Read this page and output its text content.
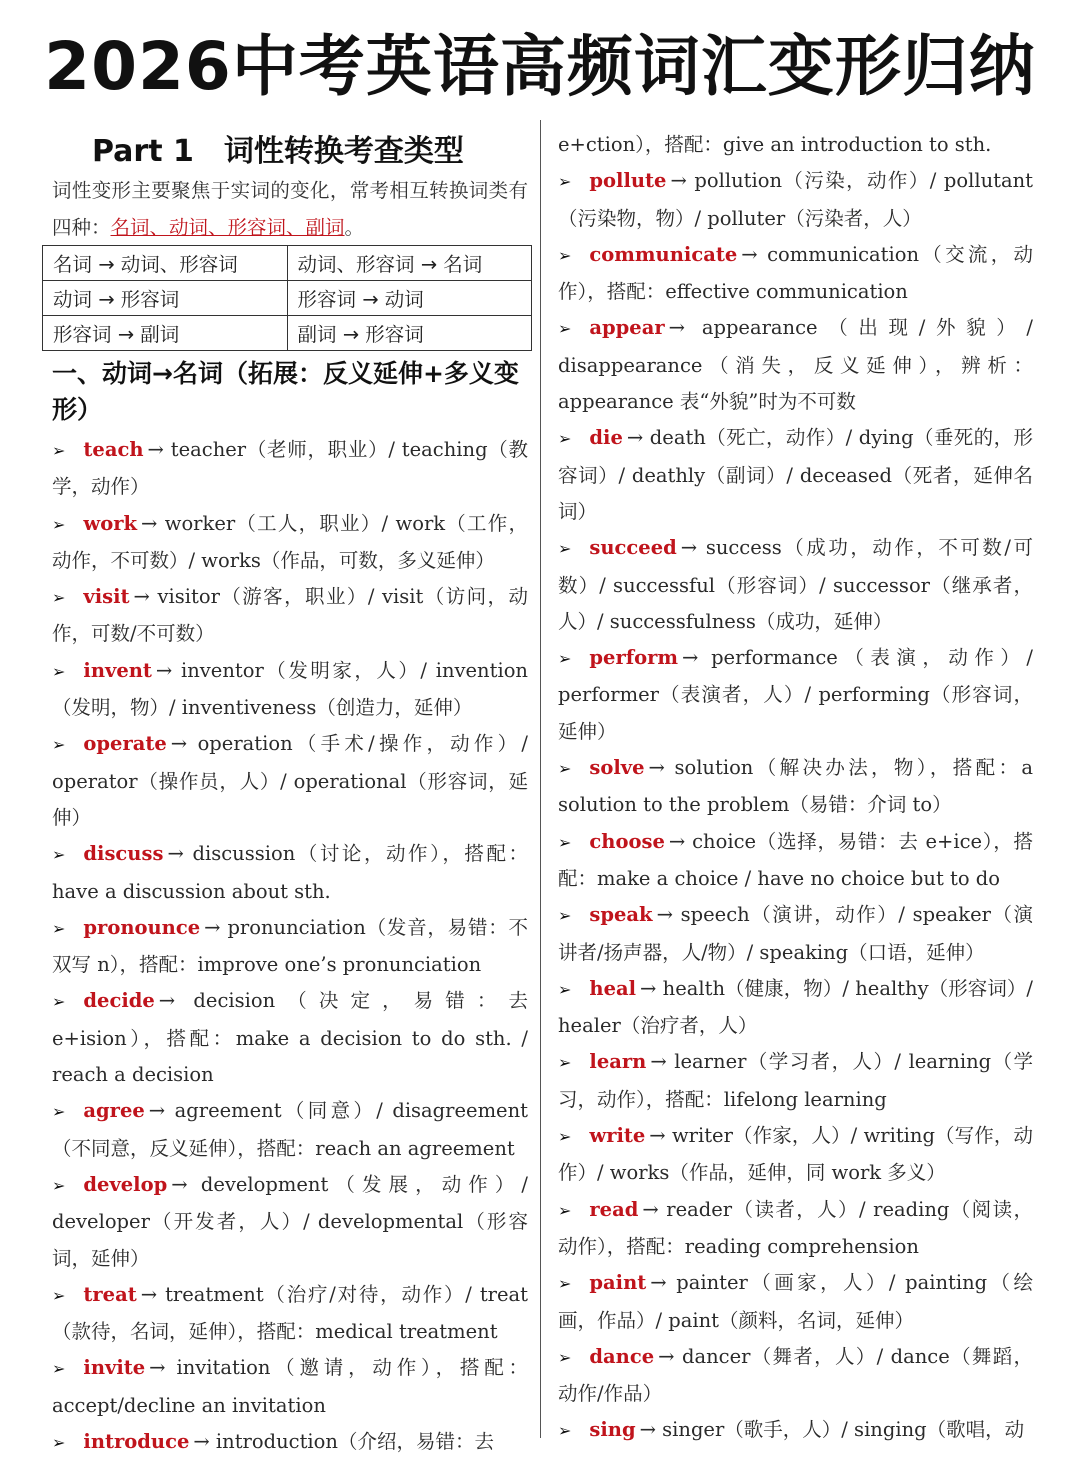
2026中考英语高频词汇变形归纳
Part 1　词性转换考查类型
词性变形主要聚焦于实词的变化，常考相互转换词类有四种：名词、动词、形容词、副词。
名词 → 动词、形容词	动词、形容词 → 名词
动词 → 形容词	形容词 → 动词
形容词 → 副词	副词 → 形容词
一、动词→名词（拓展：反义延伸+多义变形）
➢ teach → teacher（老师，职业）/ teaching（教学，动作）
➢ work → worker（工人，职业）/ work（工作，动作，不可数）/ works（作品，可数，多义延伸）
➢ visit → visitor（游客，职业）/ visit（访问，动作，可数/不可数）
➢ invent → inventor（发明家，人）/ invention（发明，物）/ inventiveness（创造力，延伸）
➢ operate → operation（手术/操作，动作）/ operator（操作员，人）/ operational（形容词，延伸）
➢ discuss → discussion（讨论，动作），搭配：have a discussion about sth.
➢ pronounce → pronunciation（发音，易错：不双写 n），搭配：improve one’s pronunciation
➢ decide → decision（决定，易错：去 e+ision），搭配：make a decision to do sth. / reach a decision
➢ agree → agreement（同意）/ disagreement（不同意，反义延伸），搭配：reach an agreement
➢ develop → development（发展，动作）/ developer（开发者，人）/ developmental（形容词，延伸）
➢ treat → treatment（治疗/对待，动作）/ treat（款待，名词，延伸），搭配：medical treatment
➢ invite → invitation（邀请，动作），搭配：accept/decline an invitation
➢ introduce → introduction（介绍，易错：去
e+ction），搭配：give an introduction to sth.
➢ pollute → pollution（污染，动作）/ pollutant（污染物，物）/ polluter（污染者，人）
➢ communicate → communication（交流，动作），搭配：effective communication
➢ appear → appearance（出现/外貌）/ disappearance（消失，反义延伸），辨析：appearance 表“外貌”时为不可数
➢ die → death（死亡，动作）/ dying（垂死的，形容词）/ deathly（副词）/ deceased（死者，延伸名词）
➢ succeed → success（成功，动作，不可数/可数）/ successful（形容词）/ successor（继承者，人）/ successfulness（成功，延伸）
➢ perform → performance（表演，动作）/ performer（表演者，人）/ performing（形容词，延伸）
➢ solve → solution（解决办法，物），搭配：a solution to the problem（易错：介词 to）
➢ choose → choice（选择，易错：去 e+ice），搭配：make a choice / have no choice but to do
➢ speak → speech（演讲，动作）/ speaker（演讲者/扬声器，人/物）/ speaking（口语，延伸）
➢ heal → health（健康，物）/ healthy（形容词）/ healer（治疗者，人）
➢ learn → learner（学习者，人）/ learning（学习，动作），搭配：lifelong learning
➢ write → writer（作家，人）/ writing（写作，动作）/ works（作品，延伸，同 work 多义）
➢ read → reader（读者，人）/ reading（阅读，动作），搭配：reading comprehension
➢ paint → painter（画家，人）/ painting（绘画，作品）/ paint（颜料，名词，延伸）
➢ dance → dancer（舞者，人）/ dance（舞蹈，动作/作品）
➢ sing → singer（歌手，人）/ singing（歌唱，动
